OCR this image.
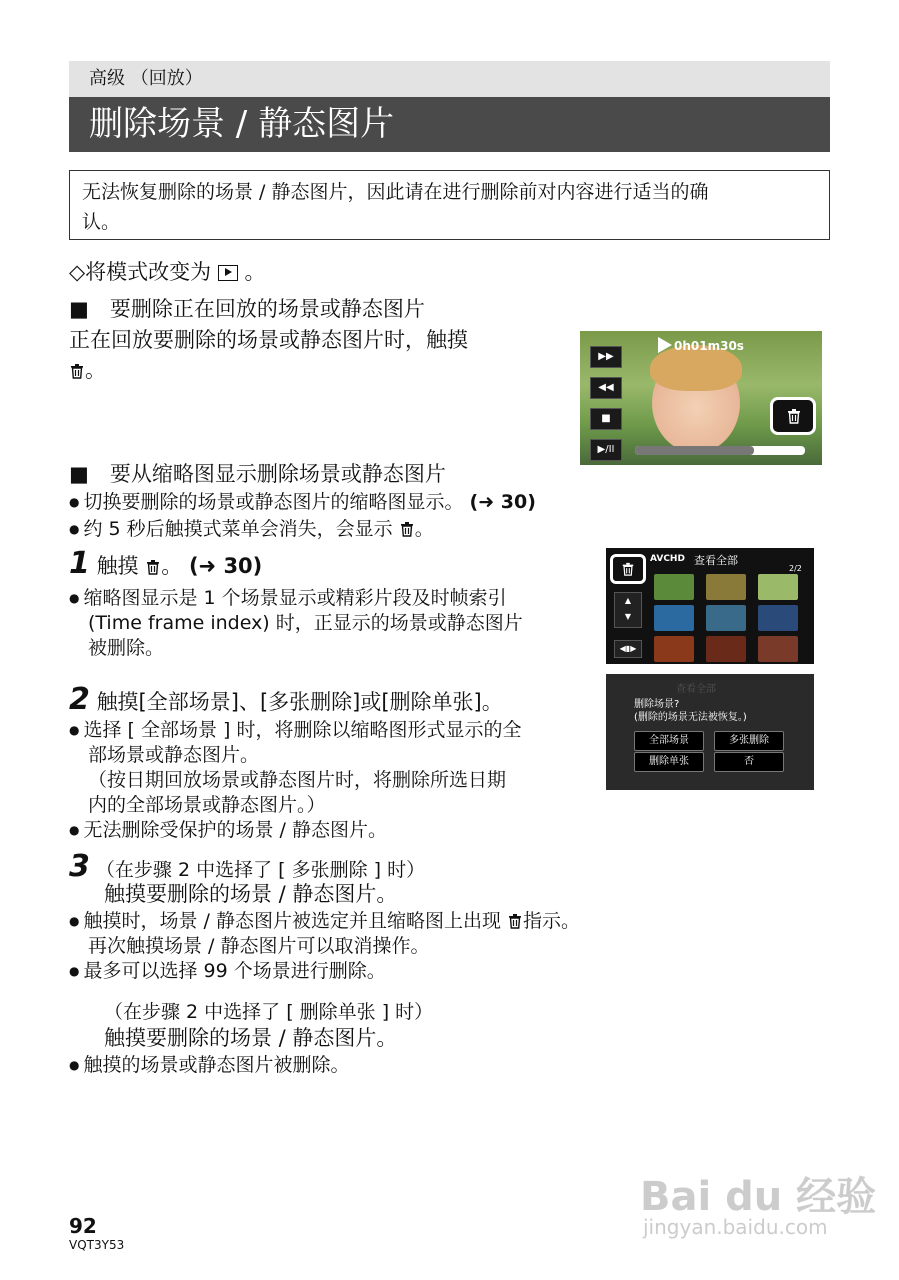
高级 （回放）
删除场景 / 静态图片
无法恢复删除的场景 / 静态图片，因此请在进行删除前对内容进行适当的确
认。
◇将模式改变为 。
■　要删除正在回放的场景或静态图片
正在回放要删除的场景或静态图片时，触摸
。
0h01m30s
▶▶
◀◀
■
▶/II
■　要从缩略图显示删除场景或静态图片
● 切换要删除的场景或静态图片的缩略图显示。 (➜ 30)
● 约 5 秒后触摸式菜单会消失，会显示 。
1 触摸 。 (➜ 30)
● 缩略图显示是 1 个场景显示或精彩片段及时帧索引
(Time frame index) 时，正显示的场景或静态图片
被删除。
AVCHD 查看全部
2/2
▲
▼
◀▮▶
2 触摸[全部场景]、[多张删除]或[删除单张]。
● 选择 [ 全部场景 ] 时，将删除以缩略图形式显示的全
部场景或静态图片。
（按日期回放场景或静态图片时，将删除所选日期
内的全部场景或静态图片。）
● 无法删除受保护的场景 / 静态图片。
查看全部
删除场景?
(删除的场景无法被恢复。)
全部场景	多张删除
删除单张	否
3 （在步骤 2 中选择了 [ 多张删除 ] 时）
触摸要删除的场景 / 静态图片。
● 触摸时，场景 / 静态图片被选定并且缩略图上出现 指示。
再次触摸场景 / 静态图片可以取消操作。
● 最多可以选择 99 个场景进行删除。
（在步骤 2 中选择了 [ 删除单张 ] 时）
触摸要删除的场景 / 静态图片。
● 触摸的场景或静态图片被删除。
92
VQT3Y53
Bai du 经验
jingyan.baidu.com
